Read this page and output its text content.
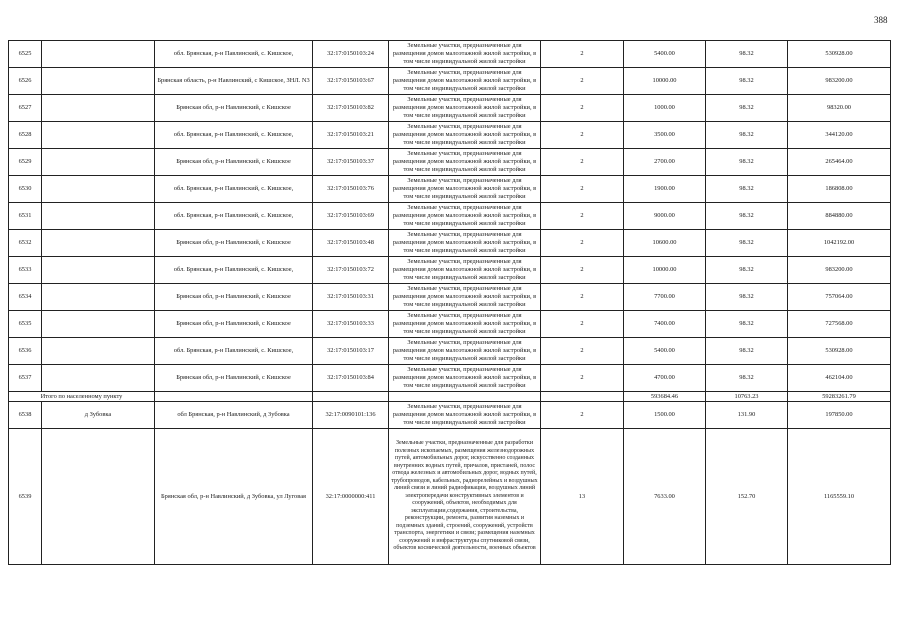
388
6525		обл. Брянская, р-н Павлинский, с. Кишское,	32:17:0150103:24	Земельные участки, предназначенные для размещения домов малоэтажной жилой застройки, в том числе индивидуальной жилой застройки	2	5400.00	98.32	530928.00
6526		Брянская область, р-н Навлинский, с Кишское, ЗНЛ. N3	32:17:0150103:67	Земельные участки, предназначенные для размещения домов малоэтажной жилой застройки, в том числе индивидуальной жилой застройки	2	10000.00	98.32	983200.00
6527		Брянская обл, р-н Навлинский, с Кишское	32:17:0150103:82	Земельные участки, предназначенные для размещения домов малоэтажной жилой застройки, в том числе индивидуальной жилой застройки	2	1000.00	98.32	98320.00
6528		обл. Брянская, р-н Павлинский, с. Кишское,	32:17:0150103:21	Земельные участки, предназначенные для размещения домов малоэтажной жилой застройки, в том числе индивидуальной жилой застройки	2	3500.00	98.32	344120.00
6529		Брянская обл, р-н Навлинский, с Кишское	32:17:0150103:37	Земельные участки, предназначенные для размещения домов малоэтажной жилой застройки, в том числе индивидуальной жилой застройки	2	2700.00	98.32	265464.00
6530		обл. Брянская, р-н Павлинский, с. Кишское,	32:17:0150103:76	Земельные участки, предназначенные для размещения домов малоэтажной жилой застройки, в том числе индивидуальной жилой застройки	2	1900.00	98.32	186808.00
6531		обл. Брянская, р-н Павлинский, с. Кишское,	32:17:0150103:69	Земельные участки, предназначенные для размещения домов малоэтажной жилой застройки, в том числе индивидуальной жилой застройки	2	9000.00	98.32	884880.00
6532		Брянская обл, р-н Навлинский, с Кишское	32:17:0150103:48	Земельные участки, предназначенные для размещения домов малоэтажной жилой застройки, в том числе индивидуальной жилой застройки	2	10600.00	98.32	1042192.00
6533		обл. Брянская, р-н Павлинский, с. Кишское,	32:17:0150103:72	Земельные участки, предназначенные для размещения домов малоэтажной жилой застройки, в том числе индивидуальной жилой застройки	2	10000.00	98.32	983200.00
6534		Брянская обл, р-н Навлинский, с Кишское	32:17:0150103:31	Земельные участки, предназначенные для размещения домов малоэтажной жилой застройки, в том числе индивидуальной жилой застройки	2	7700.00	98.32	757064.00
6535		Брянская обл, р-н Навлинский, с Кишское	32:17:0150103:33	Земельные участки, предназначенные для размещения домов малоэтажной жилой застройки, в том числе индивидуальной жилой застройки	2	7400.00	98.32	727568.00
6536		обл. Брянская, р-н Павлинский, с. Кишское,	32:17:0150103:17	Земельные участки, предназначенные для размещения домов малоэтажной жилой застройки, в том числе индивидуальной жилой застройки	2	5400.00	98.32	530928.00
6537		Брянская обл, р-н Навлинский, с Кишское	32:17:0150103:84	Земельные участки, предназначенные для размещения домов малоэтажной жилой застройки, в том числе индивидуальной жилой застройки	2	4700.00	98.32	462104.00
Итого по населенному пункту						593684.46	10763.23	59283261.79
6538	д Зубовка	обл Брянская, р-н Навлинский, д Зубовка	32:17:0090101:136	Земельные участки, предназначенные для размещения домов малоэтажной жилой застройки, в том числе индивидуальной жилой застройки	2	1500.00	131.90	197850.00
6539		Брянская обл, р-н Навлинский, д Зубовка, ул Луговая	32:17:0000000:411	Земельные участки, предназначенные для разработки полезных ископаемых, размещения железнодорожных путей, автомобильных дорог, искусственно созданных внутренних водных путей, причалов, пристаней, полос отвода железных и автомобильных дорог, водных путей, трубопроводов, кабельных, радиорелейных и воздушных линий связи и линий радиофикации, воздушных линий электропередачи конструктивных элементов и сооружений, объектов, необходимых для эксплуатации,содержания, строительства, реконструкции, ремонта, развития наземных и подземных зданий, строений, сооружений, устройств транспорта, энергетики и связи; размещения наземных сооружений и инфраструктуры спутниковой связи, объектов космической деятельности, военных объектов	13	7633.00	152.70	1165559.10
